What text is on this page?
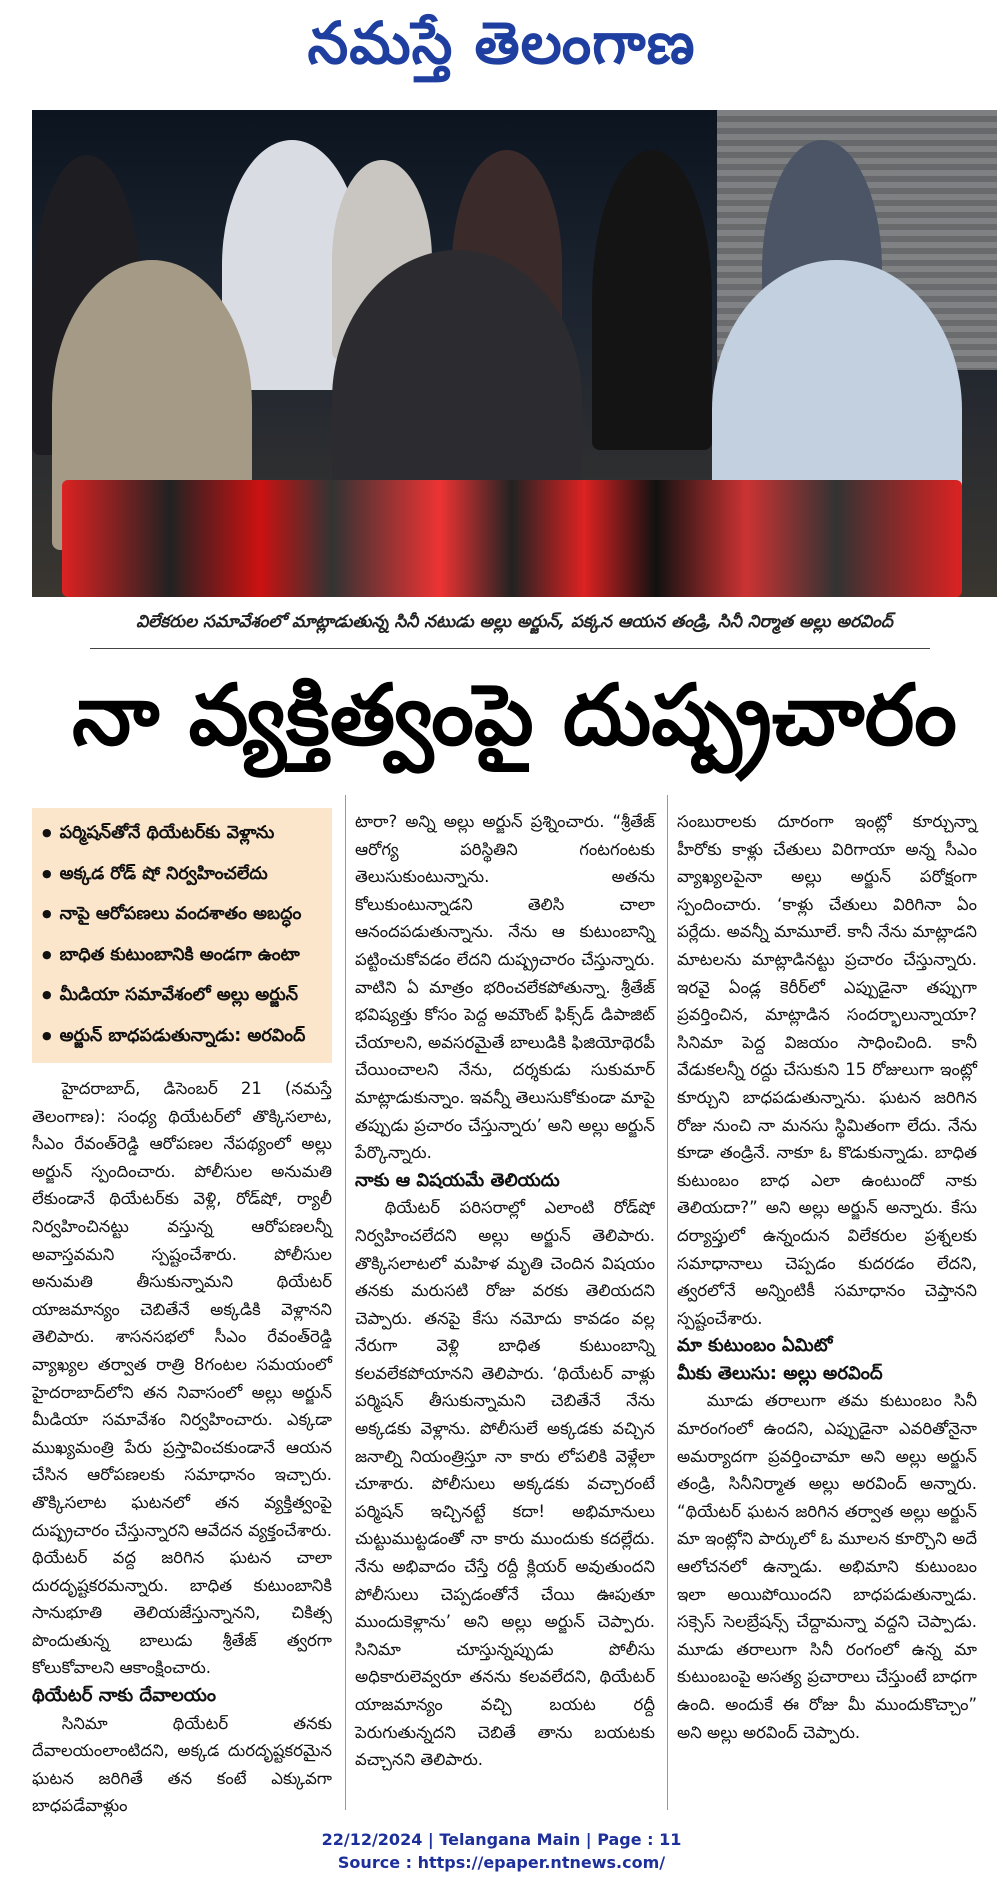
నమస్తే తెలంగాణ
విలేకరుల సమావేశంలో మాట్లాడుతున్న సినీ నటుడు అల్లు అర్జున్, పక్కన ఆయన తండ్రి, సినీ నిర్మాత అల్లు అరవింద్
నా వ్యక్తిత్వంపై దుష్ప్రచారం
● పర్మిషన్‌తోనే థియేటర్‌కు వెళ్లాను
● అక్కడ రోడ్‌ షో నిర్వహించలేదు
● నాపై ఆరోపణలు వందశాతం అబద్ధం
● బాధిత కుటుంబానికి అండగా ఉంటా
● మీడియా సమావేశంలో అల్లు అర్జున్
● అర్జున్‌ బాధపడుతున్నాడు: అరవింద్

హైదరాబాద్, డిసెంబర్ 21 (నమస్తే తెలంగాణ): సంధ్య థియేటర్‌లో తొక్కిసలాట, సీఎం రేవంత్‌రెడ్డి ఆరోపణల నేపథ్యంలో అల్లు అర్జున్ స్పందించారు. పోలీసుల అనుమతి లేకుండానే థియేటర్‌కు వెళ్లి, రోడ్‌షో, ర్యాలీ నిర్వహించినట్టు వస్తున్న ఆరోపణలన్నీ అవాస్తవమని స్పష్టంచేశారు. పోలీసుల అనుమతి తీసుకున్నామని థియేటర్ యాజమాన్యం చెబితేనే అక్కడికి వెళ్లానని తెలిపారు. శాసనసభలో సీఎం రేవంత్‌రెడ్డి వ్యాఖ్యల తర్వాత రాత్రి 8గంటల సమయంలో హైదరాబాద్‌లోని తన నివాసంలో అల్లు అర్జున్ మీడియా సమావేశం నిర్వహించారు. ఎక్కడా ముఖ్యమంత్రి పేరు ప్రస్తావించకుండానే ఆయన చేసిన ఆరోపణలకు సమాధానం ఇచ్చారు. తొక్కిసలాట ఘటనలో తన వ్యక్తిత్వంపై దుష్ప్రచారం చేస్తున్నారని ఆవేదన వ్యక్తంచేశారు. థియేటర్ వద్ద జరిగిన ఘటన చాలా దురదృష్టకరమన్నారు. బాధిత కుటుంబానికి సానుభూతి తెలియజేస్తున్నానని, చికిత్స పొందుతున్న బాలుడు శ్రీతేజ్ త్వరగా కోలుకోవాలని ఆకాంక్షించారు.

థియేటర్ నాకు దేవాలయం

సినిమా థియేటర్ తనకు దేవాలయంలాంటిదని, అక్కడ దురదృష్టకరమైన ఘటన జరిగితే తన కంటే ఎక్కువగా బాధపడేవాళ్లుం

టారా? అన్ని అల్లు అర్జున్ ప్రశ్నించారు. “శ్రీతేజ్ ఆరోగ్య పరిస్థితిని గంటగంటకు తెలుసుకుంటున్నాను. అతను కోలుకుంటున్నాడని తెలిసి చాలా ఆనందపడుతున్నాను. నేను ఆ కుటుంబాన్ని పట్టించుకోవడం లేదని దుష్ప్రచారం చేస్తున్నారు. వాటిని ఏ మాత్రం భరించలేకపోతున్నా. శ్రీతేజ్ భవిష్యత్తు కోసం పెద్ద అమౌంట్ ఫిక్స్‌డ్ డిపాజిట్ చేయాలని, అవసరమైతే బాలుడికి ఫిజియోథెరపీ చేయించాలని నేను, దర్శకుడు సుకుమార్ మాట్లాడుకున్నాం. ఇవన్నీ తెలుసుకోకుండా మాపై తప్పుడు ప్రచారం చేస్తున్నారు’ అని అల్లు అర్జున్ పేర్కొన్నారు.

నాకు ఆ విషయమే తెలియదు

థియేటర్ పరిసరాల్లో ఎలాంటి రోడ్‌షో నిర్వహించలేదని అల్లు అర్జున్ తెలిపారు. తొక్కిసలాటలో మహిళ మృతి చెందిన విషయం తనకు మరుసటి రోజు వరకు తెలియదని చెప్పారు. తనపై కేసు నమోదు కావడం వల్ల నేరుగా వెళ్లి బాధిత కుటుంబాన్ని కలవలేకపోయానని తెలిపారు. ‘థియేటర్ వాళ్లు పర్మిషన్ తీసుకున్నామని చెబితేనే నేను అక్కడకు వెళ్లాను. పోలీసులే అక్కడకు వచ్చిన జనాల్ని నియంత్రిస్తూ నా కారు లోపలికి వెళ్లేలా చూశారు. పోలీసులు అక్కడకు వచ్చారంటే పర్మిషన్ ఇచ్చినట్టే కదా! అభిమానులు చుట్టుముట్టడంతో నా కారు ముందుకు కదల్లేదు. నేను అభివాదం చేస్తే రద్దీ క్లియర్ అవుతుందని పోలీసులు చెప్పడంతోనే చేయి ఊపుతూ ముందుకెళ్లాను’ అని అల్లు అర్జున్ చెప్పారు. సినిమా చూస్తున్నప్పుడు పోలీసు అధికారులెవ్వరూ తనను కలవలేదని, థియేటర్ యాజమాన్యం వచ్చి బయట రద్దీ పెరుగుతున్నదని చెబితే తాను బయటకు వచ్చానని తెలిపారు.

సంబురాలకు దూరంగా ఇంట్లో కూర్చున్నా హీరోకు కాళ్లు చేతులు విరిగాయా అన్న సీఎం వ్యాఖ్యలపైనా అల్లు అర్జున్ పరోక్షంగా స్పందించారు. ‘కాళ్లు చేతులు విరిగినా ఏం పర్లేదు. అవన్నీ మామూలే. కానీ నేను మాట్లాడని మాటలను మాట్లాడినట్టు ప్రచారం చేస్తున్నారు. ఇరవై ఏండ్ల కెరీర్‌లో ఎప్పుడైనా తప్పుగా ప్రవర్తించిన, మాట్లాడిన సందర్భాలున్నాయా? సినిమా పెద్ద విజయం సాధించింది. కానీ వేడుకలన్నీ రద్దు చేసుకుని 15 రోజులుగా ఇంట్లో కూర్చుని బాధపడుతున్నాను. ఘటన జరిగిన రోజు నుంచి నా మనసు స్థిమితంగా లేదు. నేను కూడా తండ్రినే. నాకూ ఓ కొడుకున్నాడు. బాధిత కుటుంబం బాధ ఎలా ఉంటుందో నాకు తెలియదా?” అని అల్లు అర్జున్ అన్నారు. కేసు దర్యాప్తులో ఉన్నందున విలేకరుల ప్రశ్నలకు సమాధానాలు చెప్పడం కుదరడం లేదని, త్వరలోనే అన్నింటికీ సమాధానం చెప్తానని స్పష్టంచేశారు.

మా కుటుంబం ఏమిటో

మీకు తెలుసు: అల్లు అరవింద్

మూడు తరాలుగా తమ కుటుంబం సినీ మారంగంలో ఉందని, ఎప్పుడైనా ఎవరితోనైనా అమర్యాదగా ప్రవర్తించామా అని అల్లు అర్జున్ తండ్రి, సినీనిర్మాత అల్లు అరవింద్ అన్నారు. “థియేటర్ ఘటన జరిగిన తర్వాత అల్లు అర్జున్ మా ఇంట్లోని పార్కులో ఓ మూలన కూర్చొని అదే ఆలోచనలో ఉన్నాడు. అభిమాని కుటుంబం ఇలా అయిపోయిందని బాధపడుతున్నాడు. సక్సెస్ సెలబ్రేషన్స్ చేద్దామన్నా వద్దని చెప్పాడు. మూడు తరాలుగా సినీ రంగంలో ఉన్న మా కుటుంబంపై అసత్య ప్రచారాలు చేస్తుంటే బాధగా ఉంది. అందుకే ఈ రోజు మీ ముందుకొచ్చాం” అని అల్లు అరవింద్ చెప్పారు.

22/12/2024 | Telangana Main | Page : 11
Source : https://epaper.ntnews.com/
